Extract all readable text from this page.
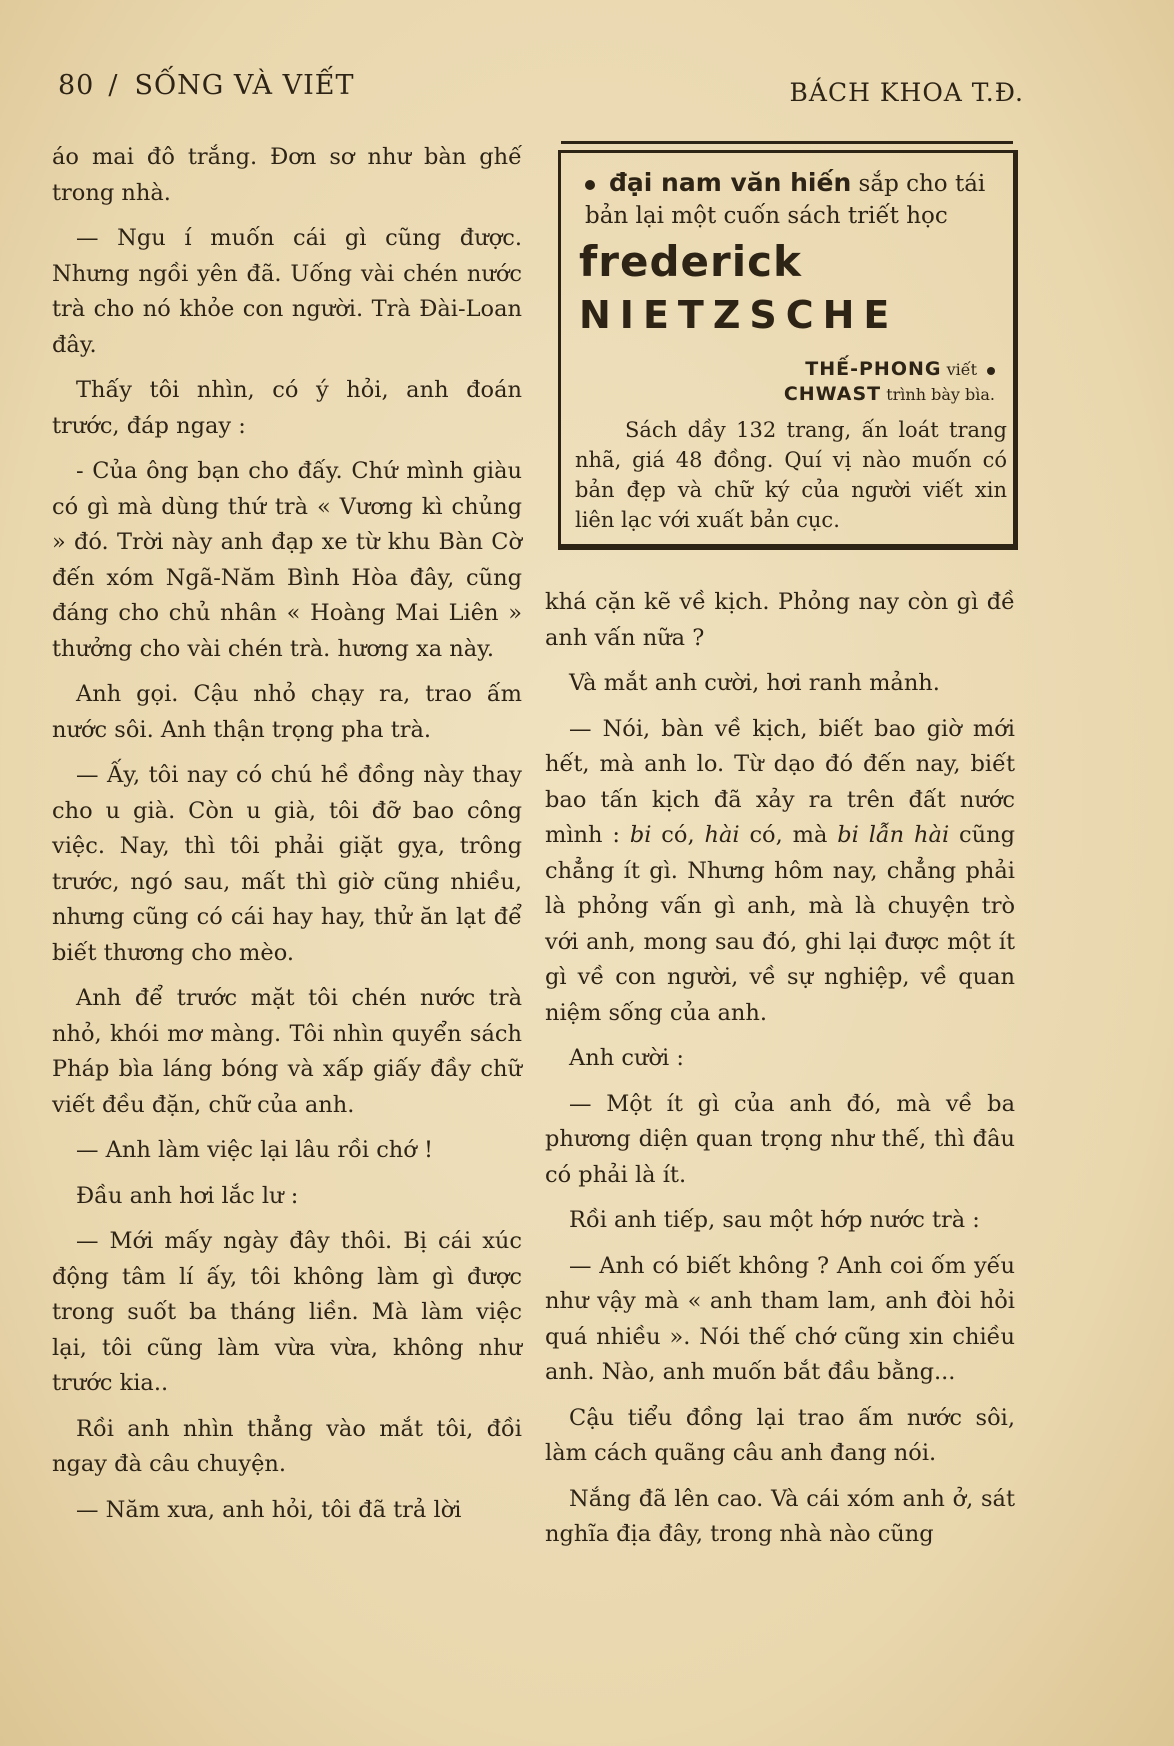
80 / SỐNG VÀ VIẾT	BÁCH KHOA T.Đ.

áo mai đô trắng. Đơn sơ như bàn ghế trong nhà.

— Ngu í muốn cái gì cũng được. Nhưng ngồi yên đã. Uống vài chén nước trà cho nó khỏe con người. Trà Đài-Loan đây.

Thấy tôi nhìn, có ý hỏi, anh đoán trước, đáp ngay :

- Của ông bạn cho đấy. Chứ mình giàu có gì mà dùng thứ trà « Vương kì chủng » đó. Trời này anh đạp xe từ khu Bàn Cờ đến xóm Ngã-Năm Bình Hòa đây, cũng đáng cho chủ nhân « Hoàng Mai Liên » thưởng cho vài chén trà. hương xa này.

Anh gọi. Cậu nhỏ chạy ra, trao ấm nước sôi. Anh thận trọng pha trà.

— Ấy, tôi nay có chú hề đồng này thay cho u già. Còn u già, tôi đỡ bao công việc. Nay, thì tôi phải giặt gỵa, trông trước, ngó sau, mất thì giờ cũng nhiều, nhưng cũng có cái hay hay, thử ăn lạt để biết thương cho mèo.

Anh để trước mặt tôi chén nước trà nhỏ, khói mơ màng. Tôi nhìn quyển sách Pháp bìa láng bóng và xấp giấy đầy chữ viết đều đặn, chữ của anh.

— Anh làm việc lại lâu rồi chớ !

Đầu anh hơi lắc lư :

— Mới mấy ngày đây thôi. Bị cái xúc động tâm lí ấy, tôi không làm gì được trong suốt ba tháng liền. Mà làm việc lại, tôi cũng làm vừa vừa, không như trước kia..

Rồi anh nhìn thẳng vào mắt tôi, đồi ngay đà câu chuyện.

— Năm xưa, anh hỏi, tôi đã trả lời

đại nam văn hiến sắp cho tái bản lại một cuốn sách triết học
frederick
NIETZSCHE
THẾ-PHONG viết
CHWAST trình bày bìa.
Sách dầy 132 trang, ấn loát trang nhã, giá 48 đồng. Quí vị nào muốn có bản đẹp và chữ ký của người viết xin liên lạc với xuất bản cục.

khá cặn kẽ về kịch. Phỏng nay còn gì đề anh vấn nữa ?

Và mắt anh cười, hơi ranh mảnh.

— Nói, bàn về kịch, biết bao giờ mới hết, mà anh lo. Từ dạo đó đến nay, biết bao tấn kịch đã xảy ra trên đất nước mình : bi có, hài có, mà bi lẫn hài cũng chẳng ít gì. Nhưng hôm nay, chẳng phải là phỏng vấn gì anh, mà là chuyện trò với anh, mong sau đó, ghi lại được một ít gì về con người, về sự nghiệp, về quan niệm sống của anh.

Anh cười :

— Một ít gì của anh đó, mà về ba phương diện quan trọng như thế, thì đâu có phải là ít.

Rồi anh tiếp, sau một hớp nước trà :

— Anh có biết không ? Anh coi ốm yếu như vậy mà « anh tham lam, anh đòi hỏi quá nhiều ». Nói thế chớ cũng xin chiều anh. Nào, anh muốn bắt đầu bằng...

Cậu tiểu đồng lại trao ấm nước sôi, làm cách quãng câu anh đang nói.

Nắng đã lên cao. Và cái xóm anh ở, sát nghĩa địa đây, trong nhà nào cũng
